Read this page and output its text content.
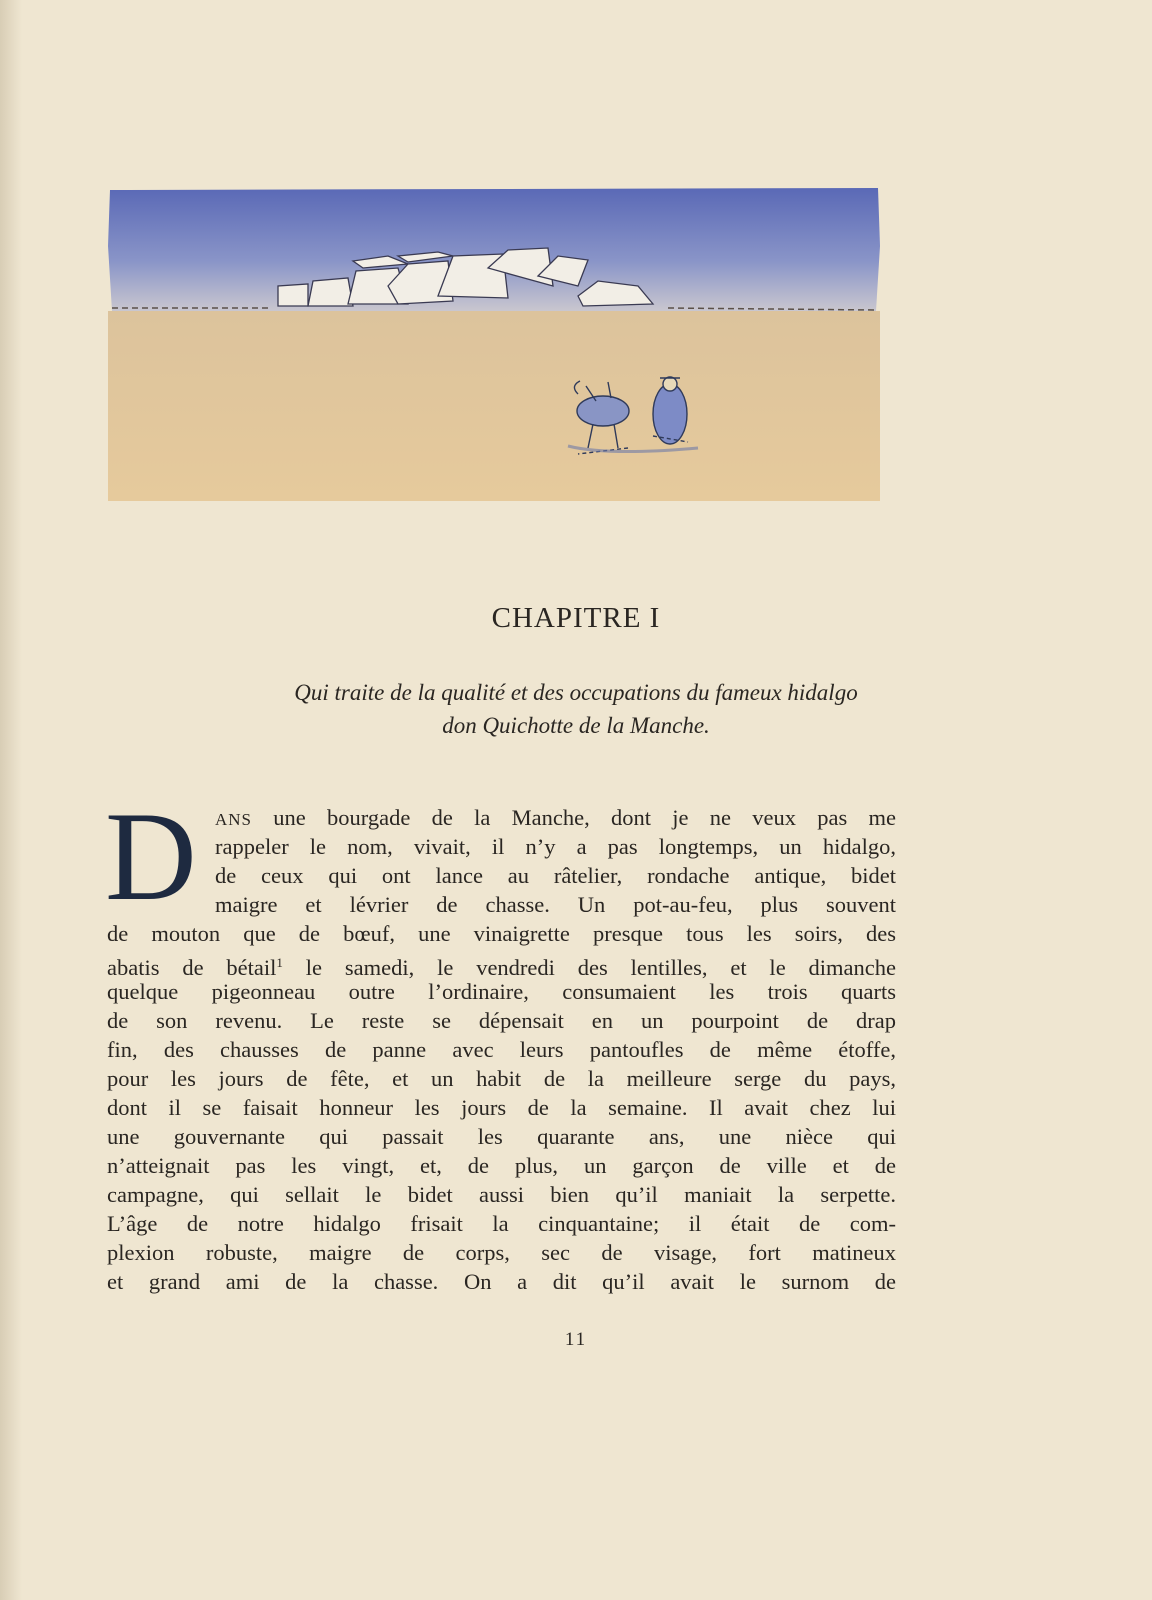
CHAPITRE I
Qui traite de la qualité et des occupations du fameux hidalgo
don Quichotte de la Manche.
D	ANS une bourgade de la Manche, dont je ne veux pas me
rappeler le nom, vivait, il n’y a pas longtemps, un hidalgo,
de ceux qui ont lance au râtelier, rondache antique, bidet
maigre et lévrier de chasse. Un pot-au-feu, plus souvent
de mouton que de bœuf, une vinaigrette presque tous les soirs, des
abatis de bétail$^1$ le samedi, le vendredi des lentilles, et le dimanche
quelque pigeonneau outre l’ordinaire, consumaient les trois quarts
de son revenu. Le reste se dépensait en un pourpoint de drap
fin, des chausses de panne avec leurs pantoufles de même étoffe,
pour les jours de fête, et un habit de la meilleure serge du pays,
dont il se faisait honneur les jours de la semaine. Il avait chez lui
une gouvernante qui passait les quarante ans, une nièce qui
n’atteignait pas les vingt, et, de plus, un garçon de ville et de
campagne, qui sellait le bidet aussi bien qu’il maniait la serpette.
L’âge de notre hidalgo frisait la cinquantaine; il était de com-
plexion robuste, maigre de corps, sec de visage, fort matineux
et grand ami de la chasse. On a dit qu’il avait le surnom de
11
